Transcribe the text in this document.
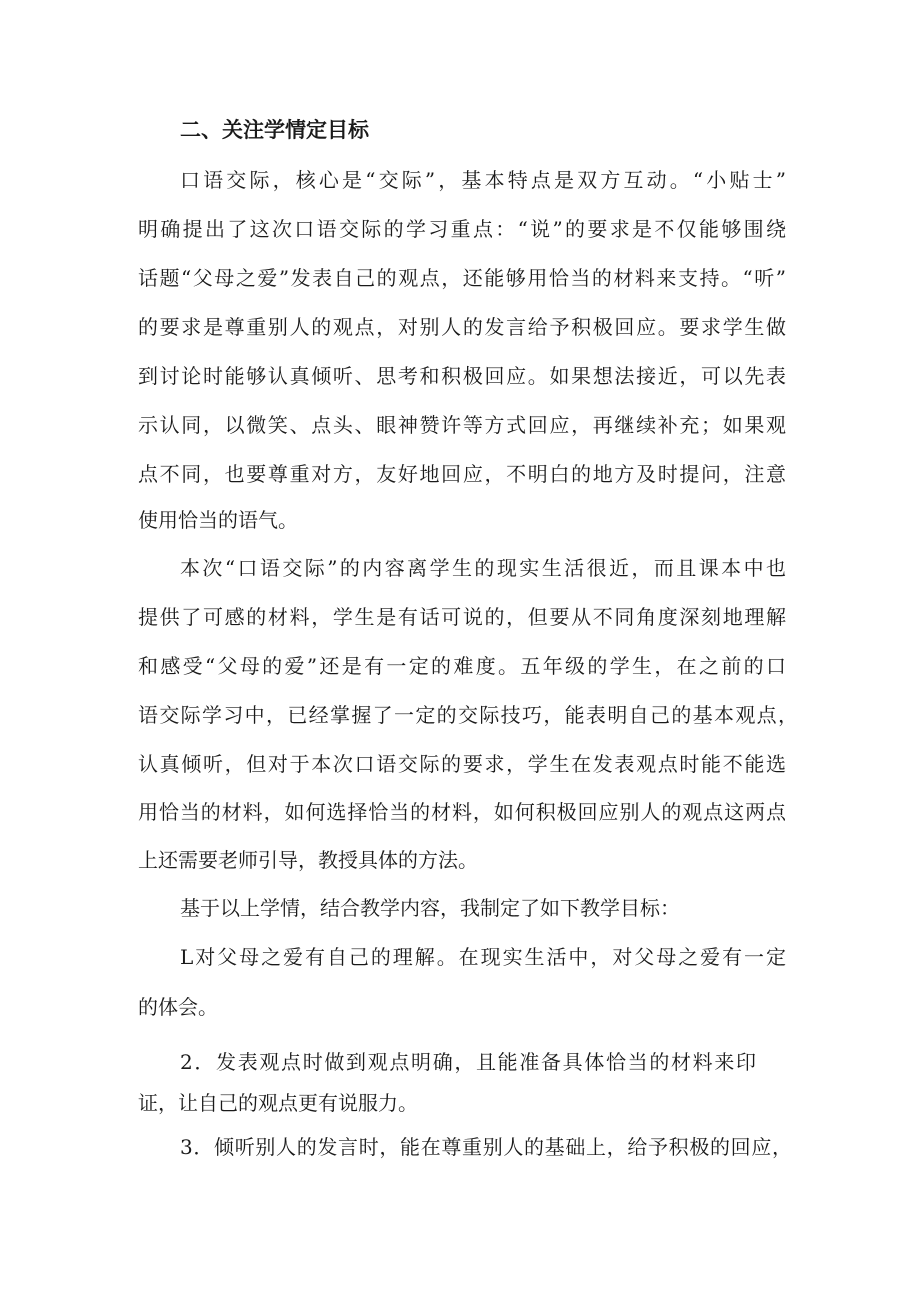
二、关注学情定目标
口语交际，核心是“交际”，基本特点是双方互动。“小贴士”
明确提出了这次口语交际的学习重点：“说”的要求是不仅能够围绕
话题“父母之爱”发表自己的观点，还能够用恰当的材料来支持。“听”
的要求是尊重别人的观点，对别人的发言给予积极回应。要求学生做
到讨论时能够认真倾听、思考和积极回应。如果想法接近，可以先表
示认同，以微笑、点头、眼神赞许等方式回应，再继续补充；如果观
点不同，也要尊重对方，友好地回应，不明白的地方及时提问，注意
使用恰当的语气。
本次“口语交际”的内容离学生的现实生活很近，而且课本中也
提供了可感的材料，学生是有话可说的，但要从不同角度深刻地理解
和感受“父母的爱”还是有一定的难度。五年级的学生，在之前的口
语交际学习中，已经掌握了一定的交际技巧，能表明自己的基本观点，
认真倾听，但对于本次口语交际的要求，学生在发表观点时能不能选
用恰当的材料，如何选择恰当的材料，如何积极回应别人的观点这两点
上还需要老师引导，教授具体的方法。
基于以上学情，结合教学内容，我制定了如下教学目标：
L对父母之爱有自己的理解。在现实生活中，对父母之爱有一定
的体会。
2．发表观点时做到观点明确，且能准备具体恰当的材料来印
证，让自己的观点更有说服力。
3．倾听别人的发言时，能在尊重别人的基础上，给予积极的回应，
